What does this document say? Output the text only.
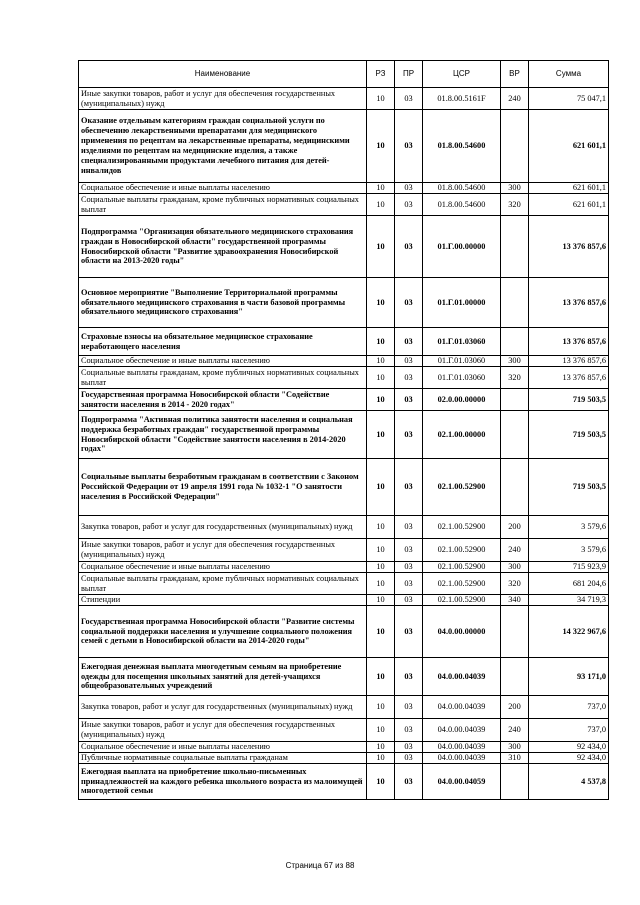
Наименование	РЗ	ПР	ЦСР	ВР	Сумма
Иные закупки товаров, работ и услуг для обеспечения государственных (муниципальных) нужд	10	03	01.8.00.5161F	240	75 047,1
Оказание отдельным категориям граждан социальной услуги по обеспечению лекарственными препаратами для медицинского применения по рецептам на лекарственные препараты, медицинскими изделиями по рецептам на медицинские изделия, а также специализированными продуктами лечебного питания для детей-инвалидов	10	03	01.8.00.54600		621 601,1
Социальное обеспечение и иные выплаты населению	10	03	01.8.00.54600	300	621 601,1
Социальные выплаты гражданам, кроме публичных нормативных социальных выплат	10	03	01.8.00.54600	320	621 601,1
Подпрограмма "Организация обязательного медицинского страхования граждан в Новосибирской области" государственной программы Новосибирской области "Развитие здравоохранения Новосибирской области на 2013-2020 годы"	10	03	01.Г.00.00000		13 376 857,6
Основное мероприятие "Выполнение Территориальной программы обязательного медицинского страхования в части базовой программы обязательного медицинского страхования"	10	03	01.Г.01.00000		13 376 857,6
Страховые взносы на обязательное медицинское страхование неработающего населения	10	03	01.Г.01.03060		13 376 857,6
Социальное обеспечение и иные выплаты населению	10	03	01.Г.01.03060	300	13 376 857,6
Социальные выплаты гражданам, кроме публичных нормативных социальных выплат	10	03	01.Г.01.03060	320	13 376 857,6
Государственная программа Новосибирской области "Содействие занятости населения в 2014 - 2020 годах"	10	03	02.0.00.00000		719 503,5
Подпрограмма "Активная политика занятости населения и социальная поддержка безработных граждан" государственной программы Новосибирской области "Содействие занятости населения в 2014-2020 годах"	10	03	02.1.00.00000		719 503,5
Социальные выплаты безработным гражданам в соответствии с Законом Российской Федерации от 19 апреля 1991 года № 1032-1 "О занятости населения в Российской Федерации"	10	03	02.1.00.52900		719 503,5
Закупка товаров, работ и услуг для государственных (муниципальных) нужд	10	03	02.1.00.52900	200	3 579,6
Иные закупки товаров, работ и услуг для обеспечения государственных (муниципальных) нужд	10	03	02.1.00.52900	240	3 579,6
Социальное обеспечение и иные выплаты населению	10	03	02.1.00.52900	300	715 923,9
Социальные выплаты гражданам, кроме публичных нормативных социальных выплат	10	03	02.1.00.52900	320	681 204,6
Стипендии	10	03	02.1.00.52900	340	34 719,3
Государственная программа Новосибирской области "Развитие системы социальной поддержки населения и улучшение социального положения семей с детьми в Новосибирской области на 2014-2020 годы"	10	03	04.0.00.00000		14 322 967,6
Ежегодная денежная выплата многодетным семьям на приобретение одежды для посещения школьных занятий для детей-учащихся общеобразовательных учреждений	10	03	04.0.00.04039		93 171,0
Закупка товаров, работ и услуг для государственных (муниципальных) нужд	10	03	04.0.00.04039	200	737,0
Иные закупки товаров, работ и услуг для обеспечения государственных (муниципальных) нужд	10	03	04.0.00.04039	240	737,0
Социальное обеспечение и иные выплаты населению	10	03	04.0.00.04039	300	92 434,0
Публичные нормативные социальные выплаты гражданам	10	03	04.0.00.04039	310	92 434,0
Ежегодная выплата на приобретение школьно-письменных принадлежностей на каждого ребенка школьного возраста из малоимущей многодетной семьи	10	03	04.0.00.04059		4 537,8
Страница 67 из 88
